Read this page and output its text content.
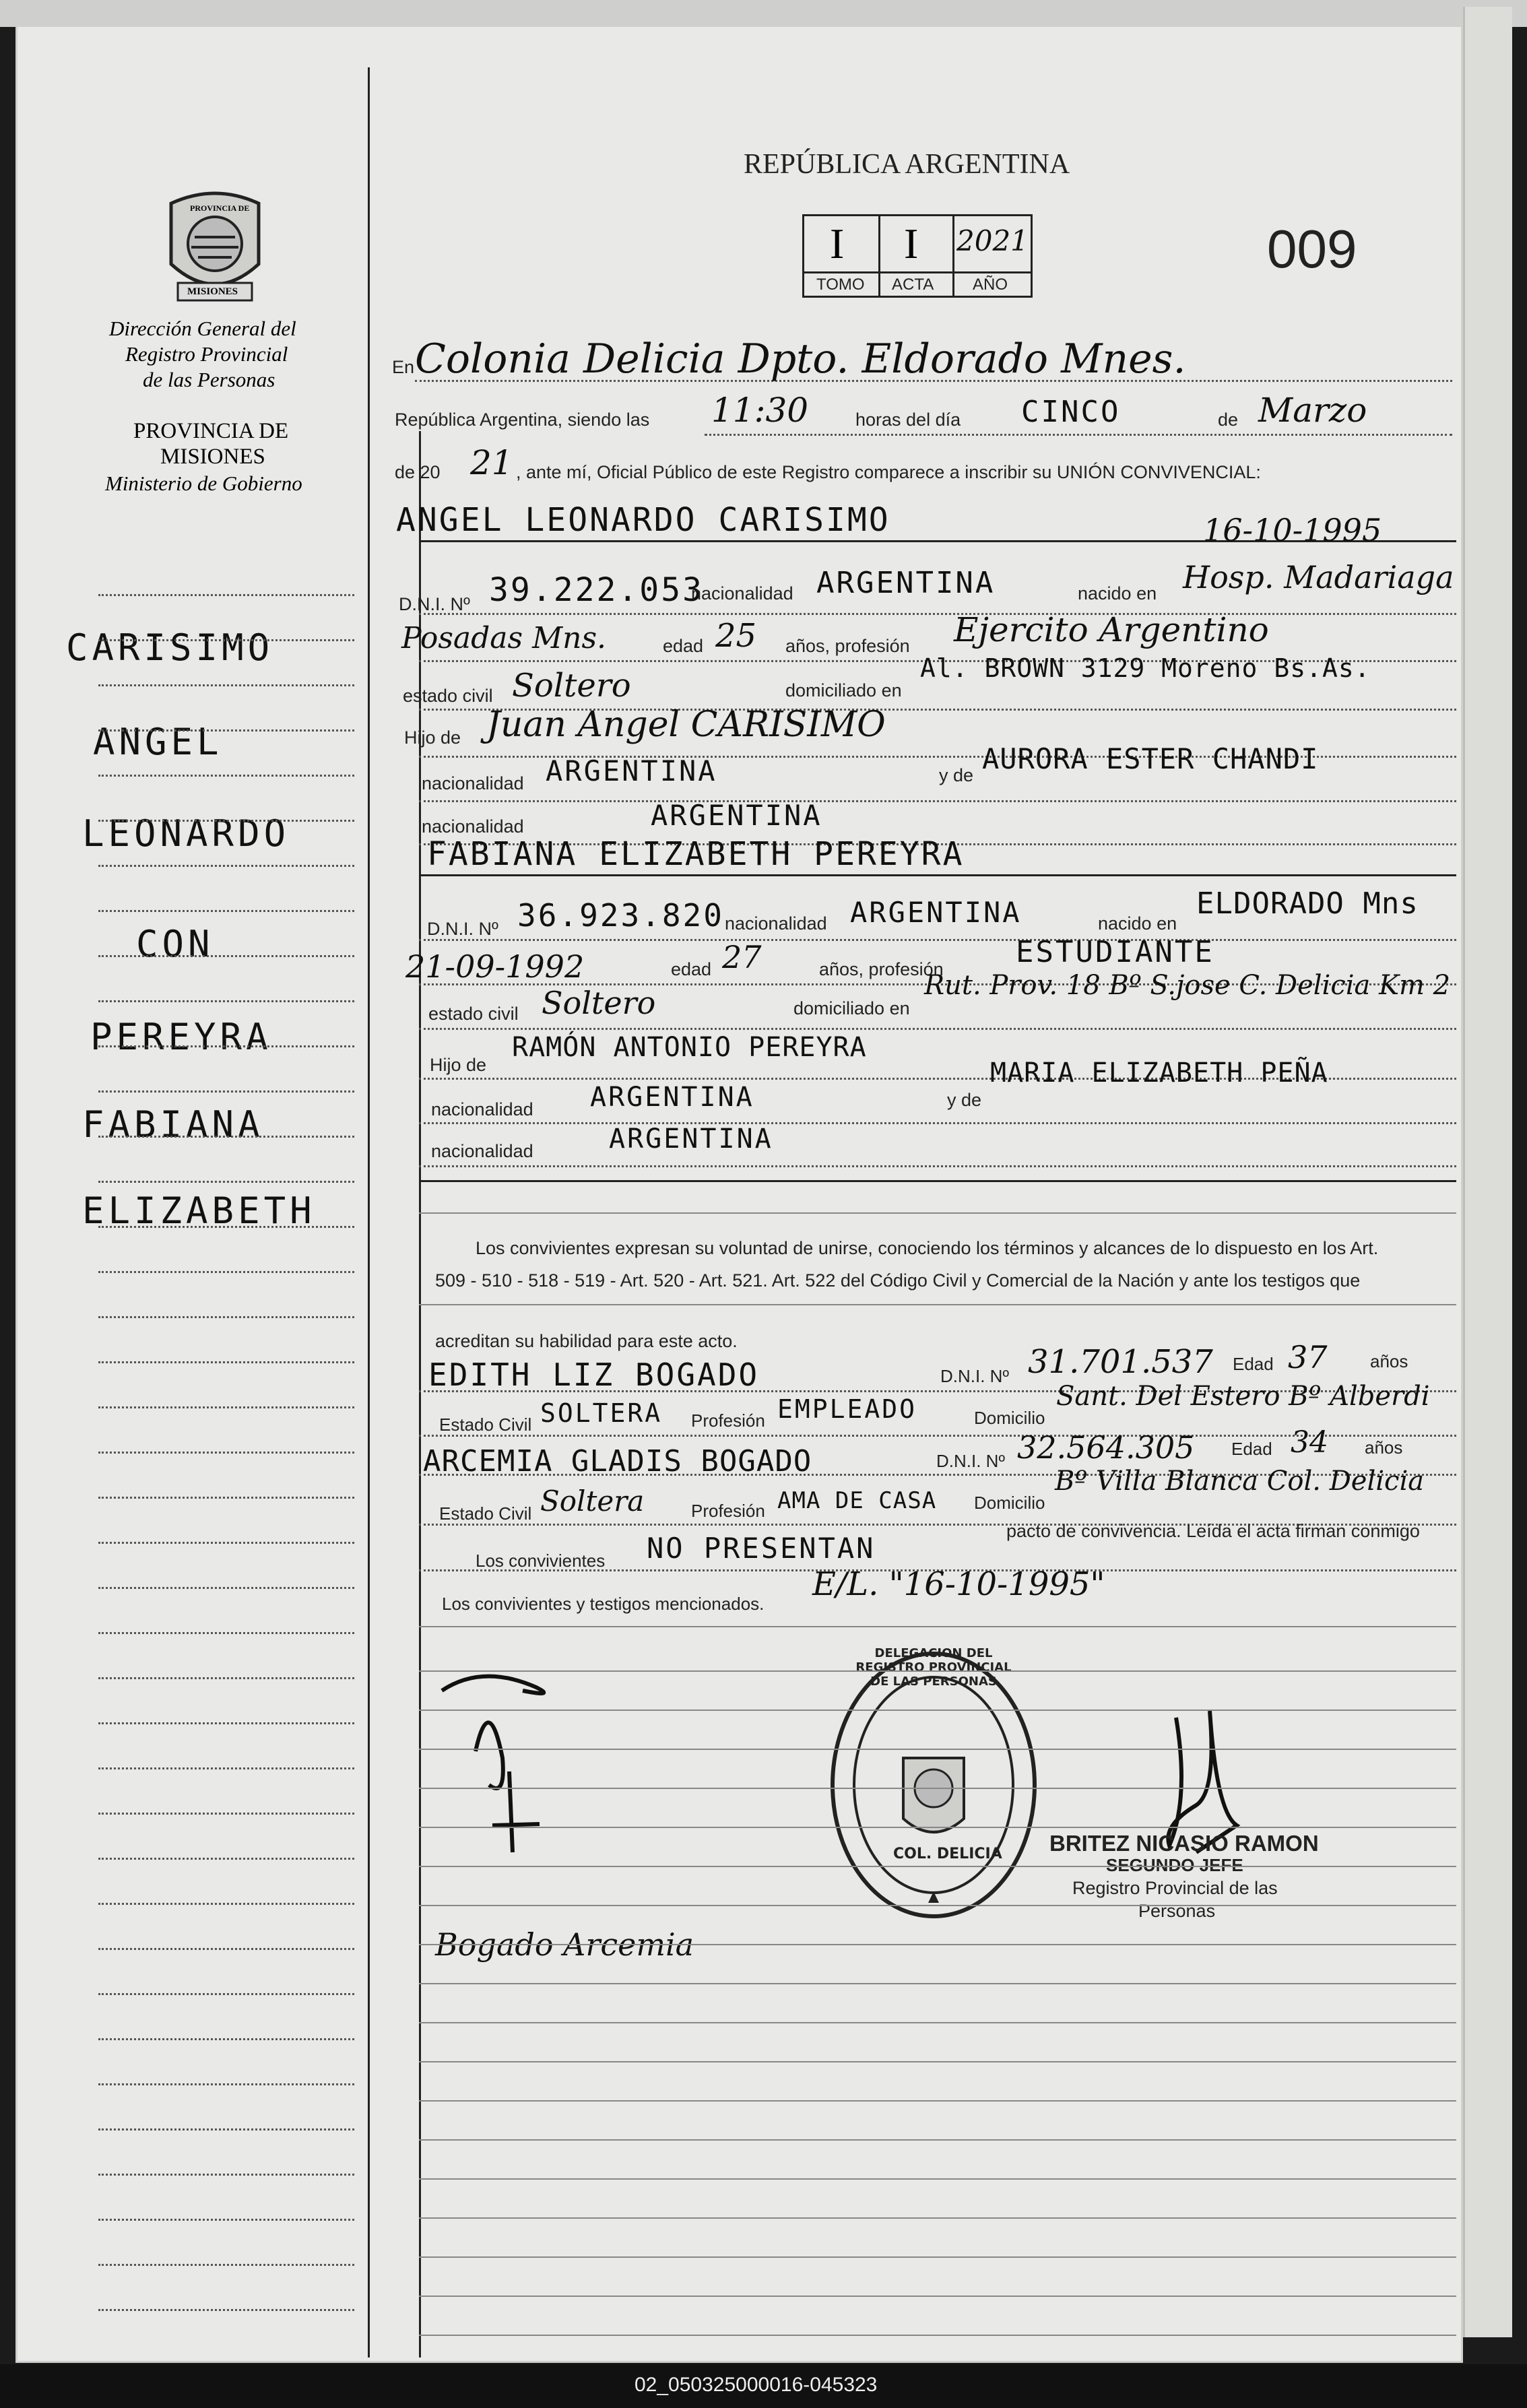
REPÚBLICA ARGENTINA
I I 2021
TOMO ACTA AÑO
009
PROVINCIA DE
MISIONES
Dirección General del
Registro Provincial
de las Personas
PROVINCIA DE
MISIONES
Ministerio de Gobierno
En Colonia Delicia Dpto. Eldorado Mnes.
República Argentina, siendo las 11:30	horas del día CINCO	de Marzo
de 20 21 , ante mí, Oficial Público de este Registro comparece a inscribir su UNIÓN CONVIVENCIAL:
ANGEL LEONARDO CARISIMO
D.N.I. Nº 39.222.053
nacionalidad ARGENTINA	nacido en
16-10-1995
Hosp. Madariaga
Posadas Mns.	edad 25 años, profesión Ejercito Argentino
estado civil Soltero	domiciliado en
Al. BROWN 3129 Moreno Bs.As.
Hijo de Juan Angel CARISIMO
nacionalidad ARGENTINA	y de AURORA ESTER CHANDI
nacionalidad	ARGENTINA
FABIANA ELIZABETH PEREYRA
D.N.I. Nº 36.923.820 nacionalidad ARGENTINA	nacido en
ELDORADO Mns
21-09-1992	edad 27	años, profesión ESTUDIANTE
estado civil Soltero	domiciliado en
Rut. Prov. 18 Bº S.jose C. Delicia Km 2
Hijo de
RAMÓN ANTONIO PEREYRA
nacionalidad ARGENTINA	y de
MARIA ELIZABETH PEÑA
nacionalidad	ARGENTINA
Los convivientes expresan su voluntad de unirse, conociendo los términos y alcances de lo dispuesto en los Art.
509 - 510 - 518 - 519 - Art. 520 - Art. 521. Art. 522 del Código Civil y Comercial de la Nación y ante los testigos que
acreditan su habilidad para este acto.
EDITH LIZ BOGADO	D.N.I. Nº 31.701.537 Edad 37 años
Estado Civil SOLTERA Profesión EMPLEADO	Domicilio
Sant. Del Estero Bº Alberdi
ARCEMIA GLADIS BOGADO	D.N.I. Nº 32.564.305 Edad 34 años
Estado Civil Soltera	Profesión AMA DE CASA Domicilio
Bº Villa Blanca Col. Delicia
Los convivientes NO PRESENTAN
pacto de convivencia. Leída el acta firman conmigo
Los convivientes y testigos mencionados.
E/L. "16-10-1995"
Bogado Arcemia
DELEGACION DEL REGISTRO PROVINCIAL DE LAS PERSONAS
COL. DELICIA BRITEZ NICASIO RAMON
SEGUNDO JEFE
Registro Provincial de las
Personas
CARISIMO
ANGEL
LEONARDO
CON
PEREYRA
FABIANA
ELIZABETH
02_050325000016-045323
